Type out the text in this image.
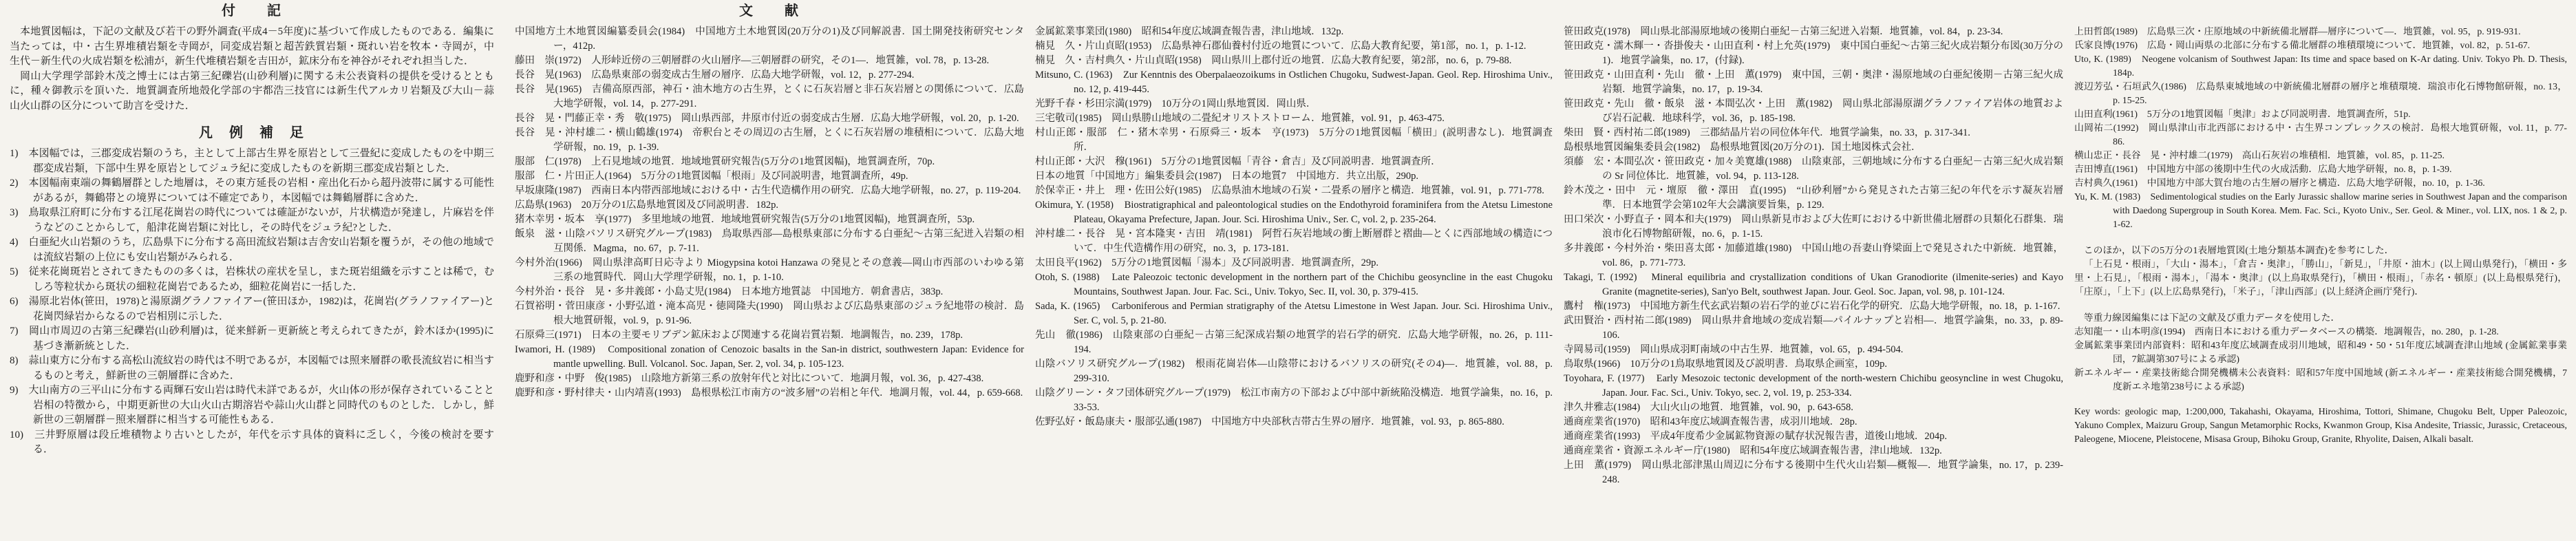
付　　記

本地質図幅は，下記の文献及び若干の野外調査(平成4－5年度)に基づいて作成したものである．編集に当たっては，中・古生界堆積岩類を寺岡が，同変成岩類と超苦鉄質岩類・斑れい岩を牧本・寺岡が，中生代－新生代の火成岩類を松浦が，新生代堆積岩類を吉田が，鉱床分布を神谷がそれぞれ担当した．

岡山大学理学部鈴木茂之博士には古第三紀礫岩(山砂利層)に関する未公表資料の提供を受けるとともに，種々御教示を頂いた．地質調査所地殻化学部の宇都浩三技官には新生代アルカリ岩類及び大山－蒜山火山群の区分について助言を受けた．

凡　例　補　足

1)　本図幅では，三郡変成岩類のうち，主として上部古生界を原岩として三畳紀に変成したものを中期三郡変成岩類，下部中生界を原岩としてジュラ紀に変成したものを新期三郡変成岩類とした．

2)　本図幅南東端の舞鶴層群とした地層は，その東方延長の岩相・産出化石から超丹波帯に属する可能性があるが，舞鶴帯との境界については不確定であり，本図幅では舞鶴層群に含めた．

3)　鳥取県江府町に分布する江尾花崗岩の時代については確証がないが，片状構造が発達し，片麻岩を伴うなどのことからして，船津花崗岩類に対比し，その時代をジュラ紀?とした．

4)　白亜紀火山岩類のうち，広島県下に分布する高田流紋岩類は吉舎安山岩類を覆うが，その他の地域では流紋岩類の上位にも安山岩類がみられる．

5)　従来花崗斑岩とされてきたものの多くは，岩株状の産状を呈し，また斑岩組織を示すことは稀で，むしろ等粒状から斑状の細粒花崗岩であるため，細粒花崗岩に一括した．

6)　湯原北岩体(笹田，1978)と湯原湖グラノファイアー(笹田ほか，1982)は，花崗岩(グラノファイアー)と花崗閃緑岩からなるので岩相別に示した．

7)　岡山市周辺の古第三紀礫岩(山砂利層)は，従来鮮新－更新統と考えられてきたが，鈴木ほか(1995)に基づき漸新統とした．

8)　蒜山東方に分布する高松山流紋岩の時代は不明であるが，本図幅では照来層群の歌長流紋岩に相当するものと考え，鮮新世の三朝層群に含めた．

9)　大山南方の三平山に分布する両輝石安山岩は時代未詳であるが，火山体の形が保存されていることと岩相の特徴から，中期更新世の大山火山古期溶岩や蒜山火山群と同時代のものとした．しかし，鮮新世の三朝層群－照来層群に相当する可能性もある．

10)　三井野原層は段丘堆積物より古いとしたが，年代を示す具体的資料に乏しく，今後の検討を要する．

文　　献

中国地方土木地質図編纂委員会(1984)　中国地方土木地質図(20万分の1)及び同解説書．国土開発技術研究センター，412p.

藤田　崇(1972)　人形峠近傍の三朝層群の火山層序―三朝層群の研究，その1―．地質雑，vol. 78，p. 13-28.

長谷　晃(1963)　広島県東部の弱変成古生層の層序．広島大地学研報，vol. 12，p. 277-294.

長谷　晃(1965)　吉備高原西部，神石・油木地方の古生界，とくに石灰岩層と非石灰岩層との関係について．広島大地学研報，vol. 14，p. 277-291.

長谷　晃・門藤正幸・秀　敬(1975)　岡山県西部，井原市付近の弱変成古生層．広島大地学研報，vol. 20，p. 1-20.

長谷　晃・沖村雄二・横山鶴雄(1974)　帝釈台とその周辺の古生層，とくに石灰岩層の堆積相について．広島大地学研報，no. 19，p. 1-39.

服部　仁(1978)　上石見地域の地質．地域地質研究報告(5万分の1地質図幅)，地質調査所，70p.

服部　仁・片田正人(1964)　5万分の1地質図幅「根雨」及び同説明書，地質調査所，49p.

早坂康隆(1987)　西南日本内帯西部地域における中・古生代造構作用の研究．広島大地学研報，no. 27，p. 119-204.

広島県(1963)　20万分の1広島県地質図及び同説明書．182p.

猪木幸男・坂本　享(1977)　多里地域の地質．地域地質研究報告(5万分の1地質図幅)，地質調査所，53p.

飯泉　滋・山陰バソリス研究グループ(1983)　鳥取県西部―島根県東部に分布する白亜紀～古第三紀迸入岩類の相互関係．Magma，no. 67，p. 7-11.

今村外治(1966)　岡山県津高町日応寺より Miogypsina kotoi Hanzawa の発見とその意義―岡山市西部のいわゆる第三系の地質時代．岡山大学理学研報，no. 1，p. 1-10.

今村外治・長谷　晃・多井義郎・小島丈児(1984)　日本地方地質誌　中国地方．朝倉書店，383p.

石賀裕明・菅田康彦・小野弘道・滝本高児・徳岡隆夫(1990)　岡山県および広島県東部のジュラ紀地帯の検討．島根大地質研報，vol. 9，p. 91-96.

石原舜三(1971)　日本の主要モリブデン鉱床および関連する花崗岩質岩類．地調報告，no. 239，178p.

Iwamori, H. (1989)　Compositional zonation of Cenozoic basalts in the San-in district, southwestern Japan: Evidence for mantle upwelling. Bull. Volcanol. Soc. Japan, Ser. 2, vol. 34, p. 105-123.

鹿野和彦・中野　俊(1985)　山陰地方新第三系の放射年代と対比について．地調月報，vol. 36，p. 427-438.

鹿野和彦・野村律夫・山内靖喜(1993)　島根県松江市南方の“波多層”の岩相と年代．地調月報，vol. 44，p. 659-668.

金属鉱業事業団(1980)　昭和54年度広域調査報告書，津山地域．132p.

楠見　久・片山貞昭(1953)　広島県神石郡仙養村付近の地質について．広島大教育紀要，第1部，no. 1，p. 1-12.

楠見　久・吉村典久・片山貞昭(1958)　岡山県川上郡付近の地質．広島大教育紀要，第2部，no. 6，p. 79-88.

Mitsuno, C. (1963)　Zur Kenntnis des Oberpalaeozoikums in Ostlichen Chugoku, Sudwest-Japan. Geol. Rep. Hiroshima Univ., no. 12, p. 419-445.

光野千春・杉田宗満(1979)　10万分の1岡山県地質図．岡山県．

三宅敬司(1985)　岡山県勝山地域の二畳紀オリストストローム．地質雑，vol. 91，p. 463-475.

村山正郎・服部　仁・猪木幸男・石原舜三・坂本　亨(1973)　5万分の1地質図幅「横田」(説明書なし)．地質調査所．

村山正郎・大沢　穆(1961)　5万分の1地質図幅「青谷・倉吉」及び同説明書．地質調査所．

日本の地質「中国地方」編集委員会(1987)　日本の地質7　中国地方．共立出版，290p.

於保幸正・井上　理・佐田公好(1985)　広島県油木地域の石炭・二畳系の層序と構造．地質雑，vol. 91，p. 771-778.

Okimura, Y. (1958)　Biostratigraphical and paleontological studies on the Endothyroid foraminifera from the Atetsu Limestone Plateau, Okayama Prefecture, Japan. Jour. Sci. Hiroshima Univ., Ser. C, vol. 2, p. 235-264.

沖村雄二・長谷　晃・宮本隆実・吉田　靖(1981)　阿哲石灰岩地域の衝上断層群と褶曲―とくに西部地域の構造について．中生代造構作用の研究，no. 3，p. 173-181.

太田良平(1962)　5万分の1地質図幅「湯本」及び同説明書．地質調査所，29p.

Otoh, S. (1988)　Late Paleozoic tectonic development in the northern part of the Chichibu geosyncline in the east Chugoku Mountains, Southwest Japan. Jour. Fac. Sci., Univ. Tokyo, Sec. II, vol. 30, p. 379-415.

Sada, K. (1965)　Carboniferous and Permian stratigraphy of the Atetsu Limestone in West Japan. Jour. Sci. Hiroshima Univ., Ser. C, vol. 5, p. 21-80.

先山　徹(1986)　山陰東部の白亜紀－古第三紀深成岩類の地質学的岩石学的研究．広島大地学研報，no. 26，p. 111-194.

山陰バソリス研究グループ(1982)　根雨花崗岩体―山陰帯におけるバソリスの研究(その4)―．地質雑，vol. 88，p. 299-310.

山陰グリーン・タフ団体研究グループ(1979)　松江市南方の下部および中部中新統陥没構造．地質学論集，no. 16，p. 33-53.

佐野弘好・飯島康夫・服部弘通(1987)　中国地方中央部秋吉帯古生界の層序．地質雑，vol. 93，p. 865-880.

笹田政克(1978)　岡山県北部湯原地域の後期白亜紀－古第三紀迸入岩類．地質雑，vol. 84，p. 23-34.

笹田政克・濡木輝一・沓掛俊夫・山田直利・村上允英(1979)　東中国白亜紀～古第三紀火成岩類分布図(30万分の1)．地質学論集，no. 17，(付録).

笹田政克・山田直利・先山　徹・上田　薫(1979)　東中国，三朝・奥津・湯原地域の白亜紀後期－古第三紀火成岩類．地質学論集，no. 17，p. 19-34.

笹田政克・先山　徹・飯泉　滋・本間弘次・上田　薫(1982)　岡山県北部湯原湖グラノファイア岩体の地質および岩石記載．地球科学，vol. 36，p. 185-198.

柴田　賢・西村祐二郎(1989)　三郡結晶片岩の同位体年代．地質学論集，no. 33，p. 317-341.

島根県地質図編集委員会(1982)　島根県地質図(20万分の1)．国土地図株式会社．

須藤　宏・本間弘次・笹田政克・加々美寛雄(1988)　山陰東部，三朝地域に分布する白亜紀－古第三紀火成岩類の Sr 同位体比．地質雑，vol. 94，p. 113-128.

鈴木茂之・田中　元・壇原　徹・澤田　直(1995)　“山砂利層”から発見された古第三紀の年代を示す凝灰岩層準．日本地質学会第102年大会講演要旨集，p. 129.

田口栄次・小野直子・岡本和夫(1979)　岡山県新見市および大佐町における中新世備北層群の貝類化石群集．瑞浪市化石博物館研報，no. 6，p. 1-15.

多井義郎・今村外治・柴田喜太郎・加藤道雄(1980)　中国山地の吾妻山脊梁面上で発見された中新統．地質雑，vol. 86，p. 771-773.

Takagi, T. (1992)　Mineral equilibria and crystallization conditions of Ukan Granodiorite (ilmenite-series) and Kayo Granite (magnetite-series), San'yo Belt, southwest Japan. Jour. Geol. Soc. Japan, vol. 98, p. 101-124.

鷹村　権(1973)　中国地方新生代玄武岩類の岩石学的並びに岩石化学的研究．広島大地学研報，no. 18，p. 1-167.

武田賢治・西村祐二郎(1989)　岡山県井倉地域の変成岩類―パイルナップと岩相―．地質学論集，no. 33，p. 89-106.

寺岡易司(1959)　岡山県成羽町南域の中古生界．地質雑，vol. 65，p. 494-504.

鳥取県(1966)　10万分の1鳥取県地質図及び説明書．鳥取県企画室，109p.

Toyohara, F. (1977)　Early Mesozoic tectonic development of the north-western Chichibu geosyncline in west Chugoku, Japan. Jour. Fac. Sci., Univ. Tokyo, sec. 2, vol. 19, p. 253-334.

津久井雅志(1984)　大山火山の地質．地質雑，vol. 90，p. 643-658.

通商産業省(1970)　昭和43年度広域調査報告書，成羽川地域．28p.

通商産業省(1993)　平成4年度希少金属鉱物資源の賦存状況報告書，道後山地域．204p.

通商産業省・資源エネルギー庁(1980)　昭和54年度広域調査報告書，津山地域．132p.

上田　薫(1979)　岡山県北部津黒山周辺に分布する後期中生代火山岩類―概報―．地質学論集，no. 17，p. 239-248.

上田哲郎(1989)　広島県三次・庄原地域の中新統備北層群―層序について―．地質雑，vol. 95，p. 919-931.

氏家良博(1976)　広島・岡山両県の北部に分布する備北層群の堆積環境について．地質雑，vol. 82，p. 51-67.

Uto, K. (1989)　Neogene volcanism of Southwest Japan: Its time and space based on K-Ar dating. Univ. Tokyo Ph. D. Thesis, 184p.

渡辺芳弘・石垣武久(1986)　広島県東城地域の中新統備北層群の層序と堆積環境．瑞浪市化石博物館研報，no. 13，p. 15-25.

山田直利(1961)　5万分の1地質図幅「奥津」および同説明書．地質調査所，51p.

山岡祐二(1992)　岡山県津山市北西部における中・古生界コンプレックスの検討．島根大地質研報，vol. 11，p. 77-86.

横山忠正・長谷　晃・沖村雄二(1979)　高山石灰岩の堆積相．地質雑，vol. 85，p. 11-25.

吉田博直(1961)　中国地方中部の後期中生代の火成活動．広島大地学研報，no. 8，p. 1-39.

吉村典久(1961)　中国地方中部大賀台地の古生層の層序と構造．広島大地学研報，no. 10，p. 1-36.

Yu, K. M. (1983)　Sedimentological studies on the Early Jurassic shallow marine series in Southwest Japan and the comparison with Daedong Supergroup in South Korea. Mem. Fac. Sci., Kyoto Univ., Ser. Geol. & Miner., vol. LIX, nos. 1 & 2, p. 1-62.

このほか，以下の5万分の1表層地質図(土地分類基本調査)を参考にした．

「上石見・根雨」，「大山・湯本」，「倉吉・奥津」，「勝山」，「新見」，「井原・油木」(以上岡山県発行)，「横田・多里・上石見」，「根雨・湯本」，「湯本・奥津」(以上鳥取県発行)，「横田・根雨」，「赤名・頓原」(以上島根県発行)，「庄原」，「上下」(以上広島県発行)，「米子」，「津山西部」(以上経済企画庁発行)．

等重力線図編集には下記の文献及び重力データを使用した．

志知龍一・山本明彦(1994)　西南日本における重力データベースの構築．地調報告，no. 280，p. 1-28.

金属鉱業事業団内部資料：昭和43年度広域調査成羽川地域，昭和49・50・51年度広域調査津山地域 (金属鉱業事業団，7鉱調第307号による承認)

新エネルギー・産業技術総合開発機構未公表資料：昭和57年度中国地域 (新エネルギー・産業技術総合開発機構，7度新エネ地第238号による承認)

Key words: geologic map, 1:200,000, Takahashi, Okayama, Hiroshima, Tottori, Shimane, Chugoku Belt, Upper Paleozoic, Yakuno Complex, Maizuru Group, Sangun Metamorphic Rocks, Kwanmon Group, Kisa Andesite, Triassic, Jurassic, Cretaceous, Paleogene, Miocene, Pleistocene, Misasa Group, Bihoku Group, Granite, Rhyolite, Daisen, Alkali basalt.
